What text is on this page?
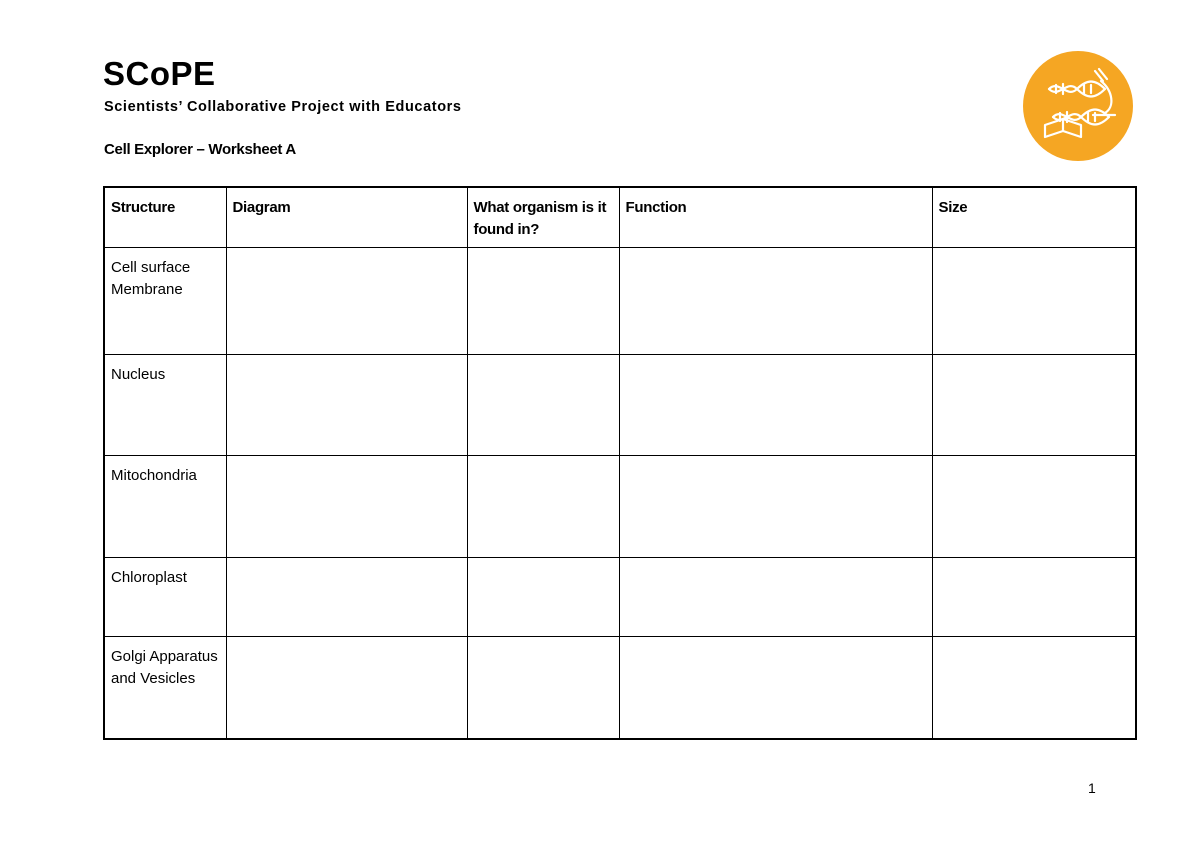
SCoPE
Scientists’ Collaborative Project with Educators
Cell Explorer – Worksheet A
Structure	Diagram	What organism is it found in?	Function	Size
Cell surface Membrane				
Nucleus				
Mitochondria				
Chloroplast				
Golgi Apparatus and Vesicles				
1
